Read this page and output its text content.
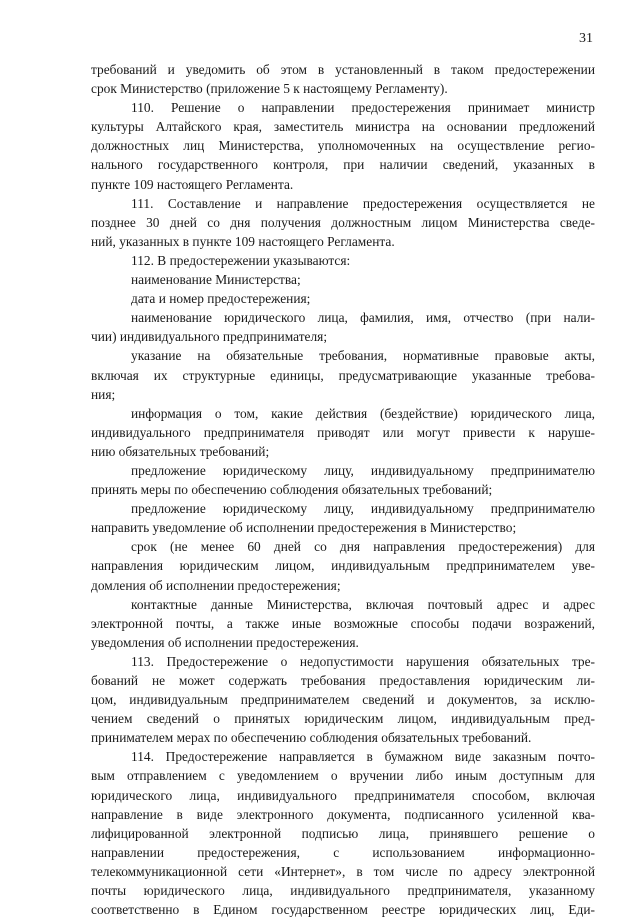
31
требований и уведомить об этом в установленный в таком предостережении
срок Министерство (приложение 5 к настоящему Регламенту).
110. Решение о направлении предостережения принимает министр
культуры Алтайского края, заместитель министра на основании предложений
должностных лиц Министерства, уполномоченных на осуществление регио-
нального государственного контроля, при наличии сведений, указанных в
пункте 109 настоящего Регламента.
111. Составление и направление предостережения осуществляется не
позднее 30 дней со дня получения должностным лицом Министерства сведе-
ний, указанных в пункте 109 настоящего Регламента.
112. В предостережении указываются:
наименование Министерства;
дата и номер предостережения;
наименование юридического лица, фамилия, имя, отчество (при нали-
чии) индивидуального предпринимателя;
указание на обязательные требования, нормативные правовые акты,
включая их структурные единицы, предусматривающие указанные требова-
ния;
информация о том, какие действия (бездействие) юридического лица,
индивидуального предпринимателя приводят или могут привести к наруше-
нию обязательных требований;
предложение юридическому лицу, индивидуальному предпринимателю
принять меры по обеспечению соблюдения обязательных требований;
предложение юридическому лицу, индивидуальному предпринимателю
направить уведомление об исполнении предостережения в Министерство;
срок (не менее 60 дней со дня направления предостережения) для
направления юридическим лицом, индивидуальным предпринимателем уве-
домления об исполнении предостережения;
контактные данные Министерства, включая почтовый адрес и адрес
электронной почты, а также иные возможные способы подачи возражений,
уведомления об исполнении предостережения.
113. Предостережение о недопустимости нарушения обязательных тре-
бований не может содержать требования предоставления юридическим ли-
цом, индивидуальным предпринимателем сведений и документов, за исклю-
чением сведений о принятых юридическим лицом, индивидуальным пред-
принимателем мерах по обеспечению соблюдения обязательных требований.
114. Предостережение направляется в бумажном виде заказным почто-
вым отправлением с уведомлением о вручении либо иным доступным для
юридического лица, индивидуального предпринимателя способом, включая
направление в виде электронного документа, подписанного усиленной ква-
лифицированной электронной подписью лица, принявшего решение о
направлении предостережения, с использованием информационно-
телекоммуникационной сети «Интернет», в том числе по адресу электронной
почты юридического лица, индивидуального предпринимателя, указанному
соответственно в Едином государственном реестре юридических лиц, Еди-
